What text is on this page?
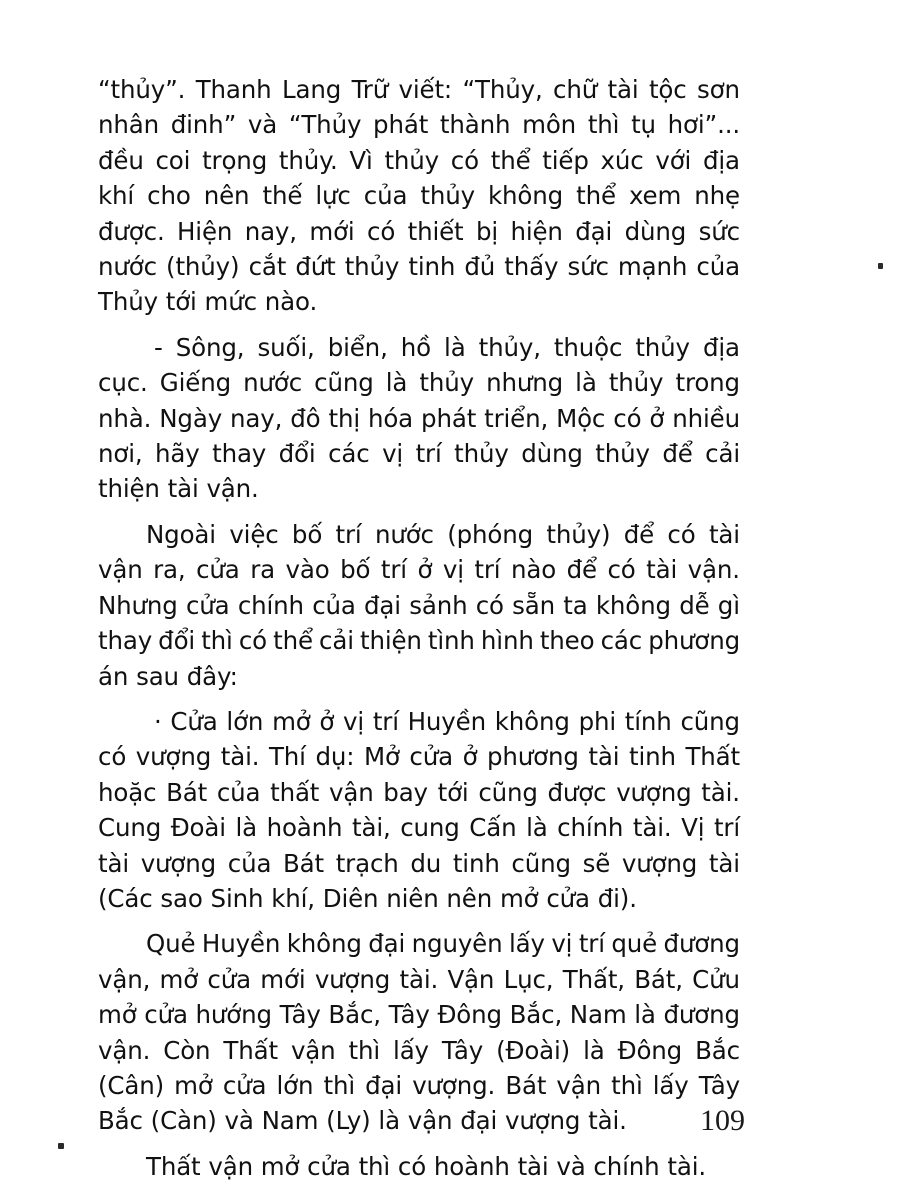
“thủy”. Thanh Lang Trữ viết: “Thủy, chữ tài tộc sơn
nhân đinh” và “Thủy phát thành môn thì tụ hơi”...
đều coi trọng thủy. Vì thủy có thể tiếp xúc với địa
khí cho nên thế lực của thủy không thể xem nhẹ
được. Hiện nay, mới có thiết bị hiện đại dùng sức
nước (thủy) cắt đứt thủy tinh đủ thấy sức mạnh của
Thủy tới mức nào.
- Sông, suối, biển, hồ là thủy, thuộc thủy địa
cục. Giếng nước cũng là thủy nhưng là thủy trong
nhà. Ngày nay, đô thị hóa phát triển, Mộc có ở nhiều
nơi, hãy thay đổi các vị trí thủy dùng thủy để cải
thiện tài vận.
Ngoài việc bố trí nước (phóng thủy) để có tài
vận ra, cửa ra vào bố trí ở vị trí nào để có tài vận.
Nhưng cửa chính của đại sảnh có sẵn ta không dễ gì
thay đổi thì có thể cải thiện tình hình theo các phương
án sau đây:
· Cửa lớn mở ở vị trí Huyền không phi tính cũng
có vượng tài. Thí dụ: Mở cửa ở phương tài tinh Thất
hoặc Bát của thất vận bay tới cũng được vượng tài.
Cung Đoài là hoành tài, cung Cấn là chính tài. Vị trí
tài vượng của Bát trạch du tinh cũng sẽ vượng tài
(Các sao Sinh khí, Diên niên nên mở cửa đi).
Quẻ Huyền không đại nguyên lấy vị trí quẻ đương
vận, mở cửa mới vượng tài. Vận Lục, Thất, Bát, Cửu
mở cửa hướng Tây Bắc, Tây Đông Bắc, Nam là đương
vận. Còn Thất vận thì lấy Tây (Đoài) là Đông Bắc
(Cân) mở cửa lớn thì đại vượng. Bát vận thì lấy Tây
Bắc (Càn) và Nam (Ly) là vận đại vượng tài.
Thất vận mở cửa thì có hoành tài và chính tài.
109
